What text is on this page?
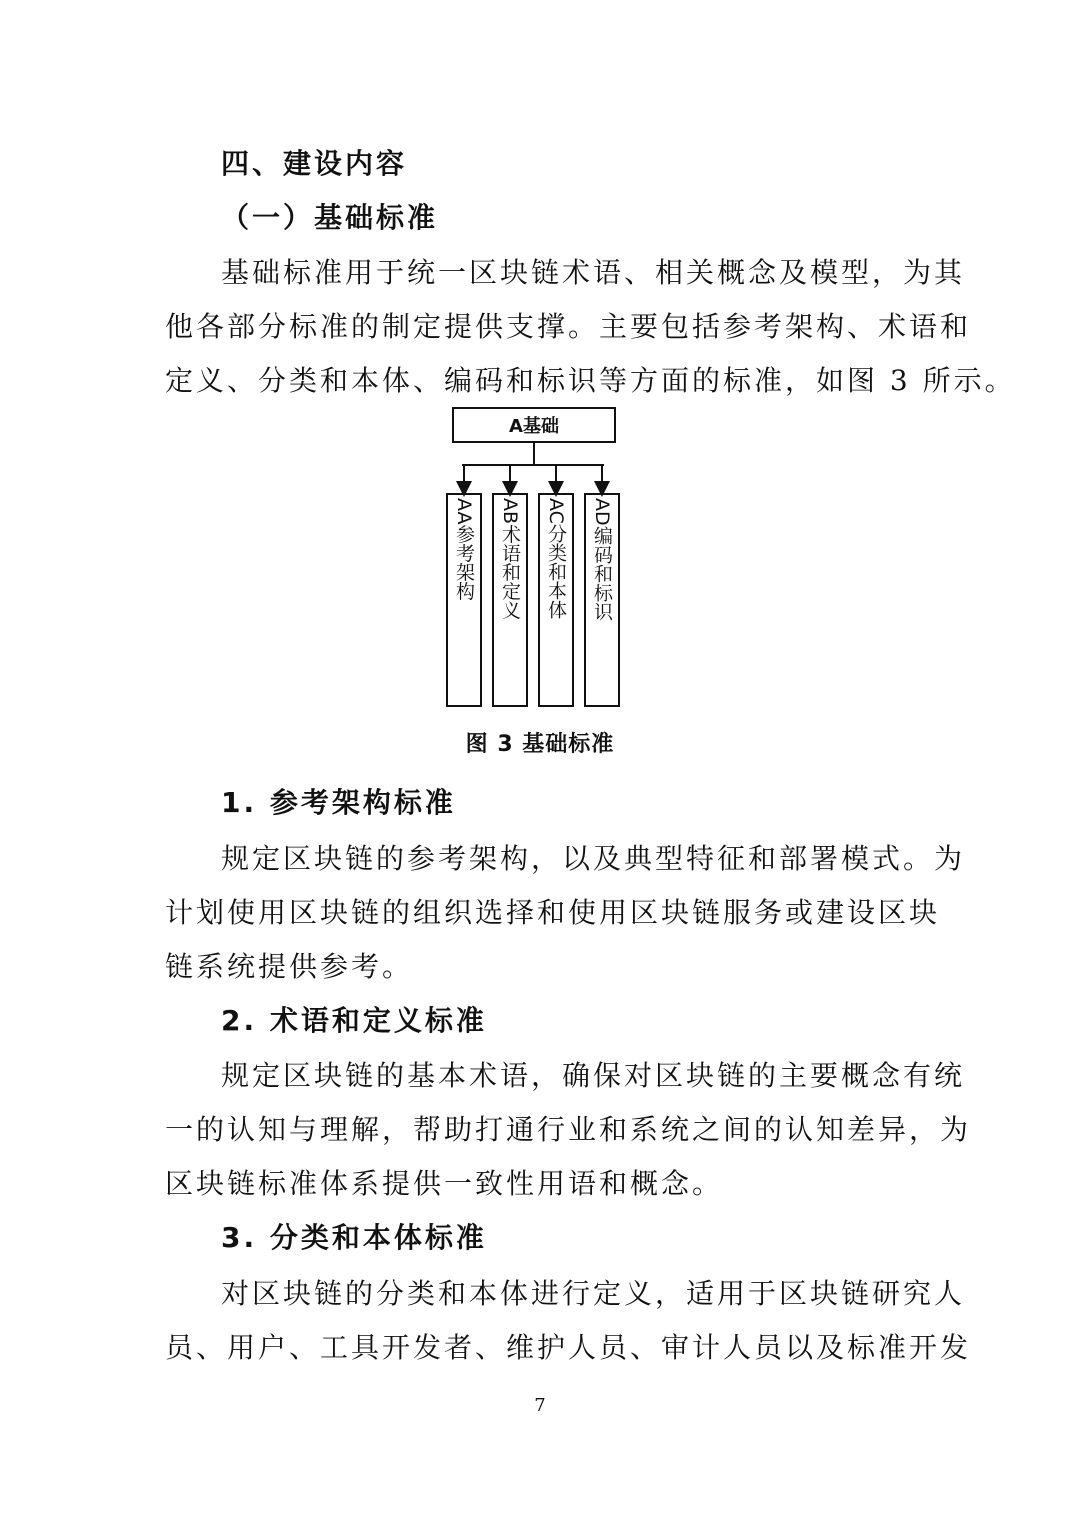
四、建设内容
（一）基础标准
基础标准用于统一区块链术语、相关概念及模型，为其
他各部分标准的制定提供支撑。主要包括参考架构、术语和
定义、分类和本体、编码和标识等方面的标准，如图 3 所示。
A基础
AA参考架构 AB术语和定义 AC分类和本体 AD编码和标识
图 3 基础标准
1. 参考架构标准
规定区块链的参考架构，以及典型特征和部署模式。为
计划使用区块链的组织选择和使用区块链服务或建设区块
链系统提供参考。
2. 术语和定义标准
规定区块链的基本术语，确保对区块链的主要概念有统
一的认知与理解，帮助打通行业和系统之间的认知差异，为
区块链标准体系提供一致性用语和概念。
3. 分类和本体标准
对区块链的分类和本体进行定义，适用于区块链研究人
员、用户、工具开发者、维护人员、审计人员以及标准开发
7
